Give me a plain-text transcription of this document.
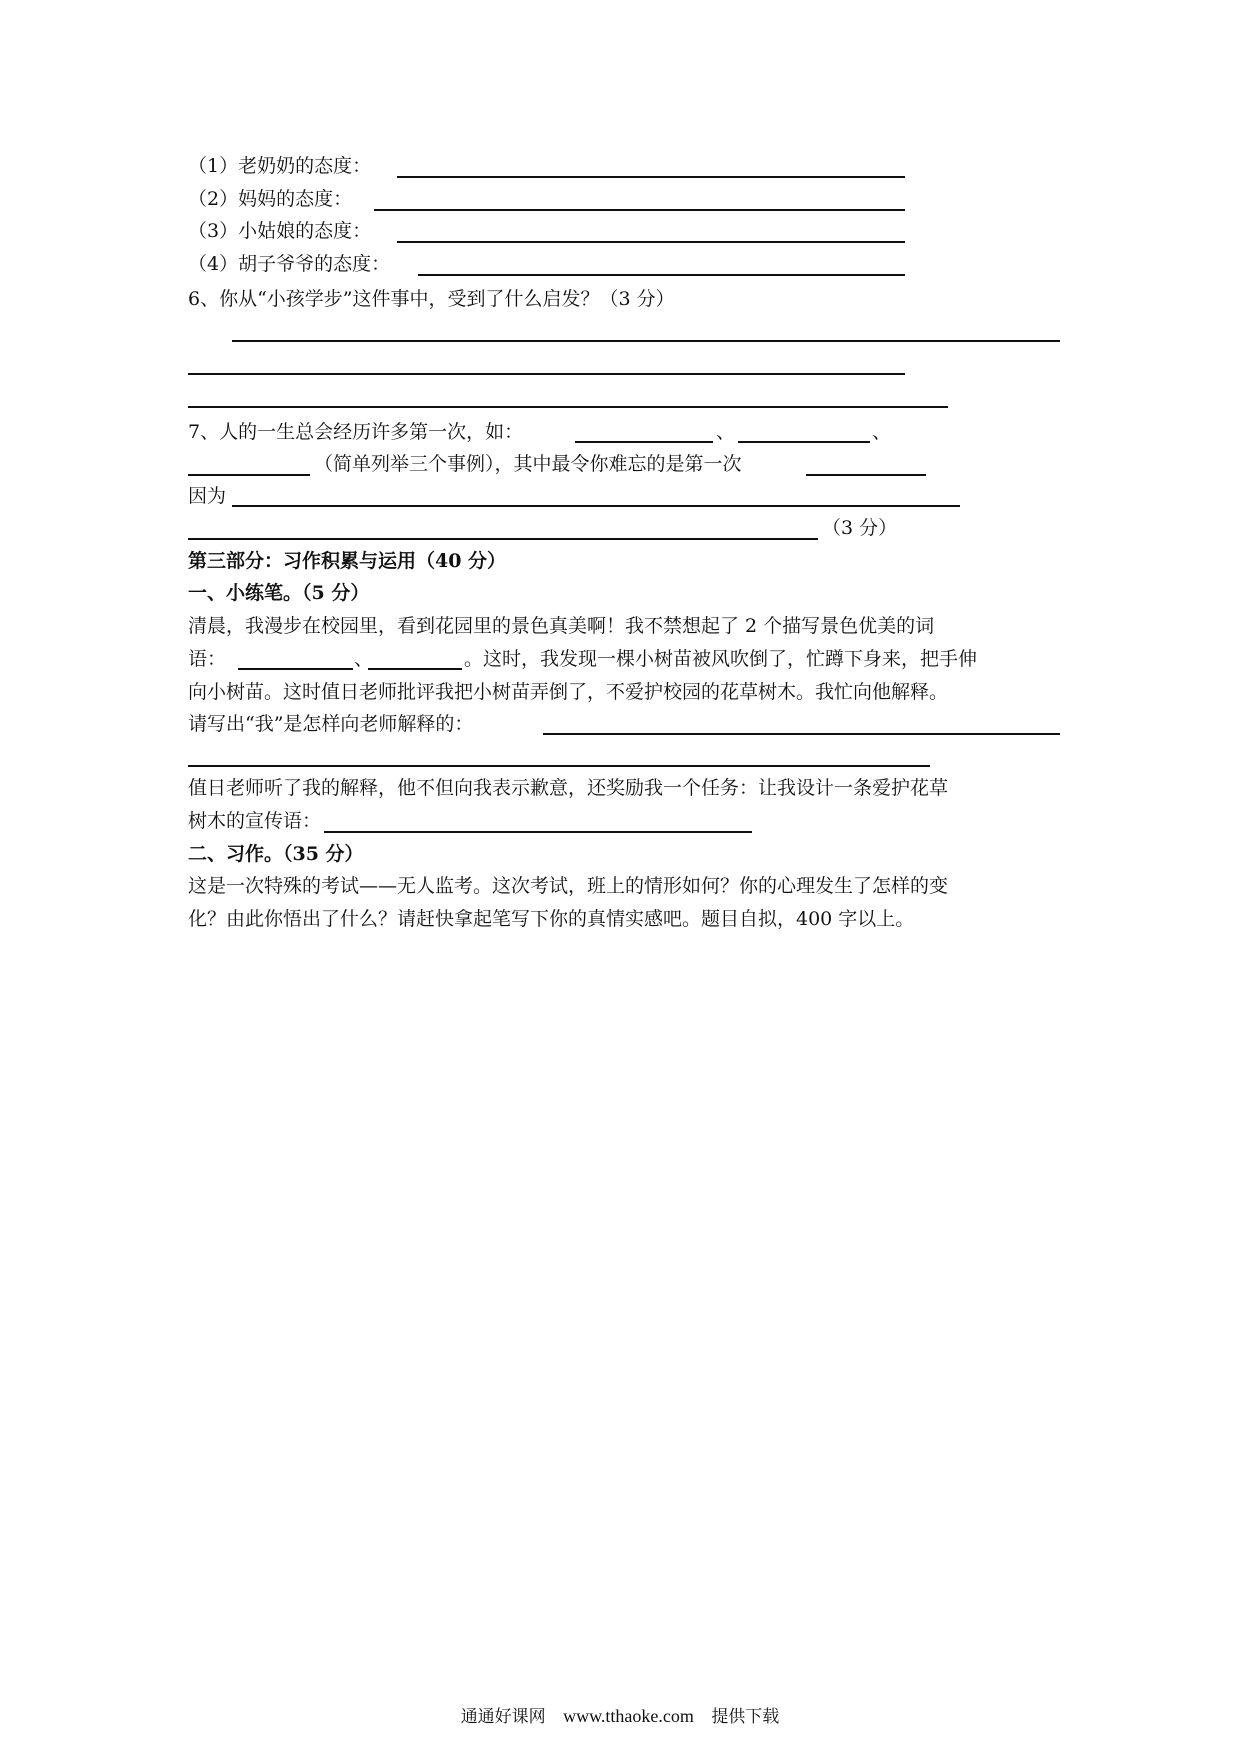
（1）老奶奶的态度：
（2）妈妈的态度：
（3）小姑娘的态度：
（4）胡子爷爷的态度：
6、你从“小孩学步”这件事中，受到了什么启发？（3 分）
7、人的一生总会经历许多第一次，如：	、	、
（简单列举三个事例），其中最令你难忘的是第一次
因为
（3 分）
第三部分：习作积累与运用（40 分）
一、小练笔。（5 分）
清晨，我漫步在校园里，看到花园里的景色真美啊！我不禁想起了 2 个描写景色优美的词
语：	、	。这时，我发现一棵小树苗被风吹倒了，忙蹲下身来，把手伸
向小树苗。这时值日老师批评我把小树苗弄倒了，不爱护校园的花草树木。我忙向他解释。
请写出“我”是怎样向老师解释的：
值日老师听了我的解释，他不但向我表示歉意，还奖励我一个任务：让我设计一条爱护花草
树木的宣传语：
二、习作。（35 分）
这是一次特殊的考试——无人监考。这次考试，班上的情形如何？你的心理发生了怎样的变
化？由此你悟出了什么？请赶快拿起笔写下你的真情实感吧。题目自拟，400 字以上。
通通好课网 www.tthaoke.com 提供下载
